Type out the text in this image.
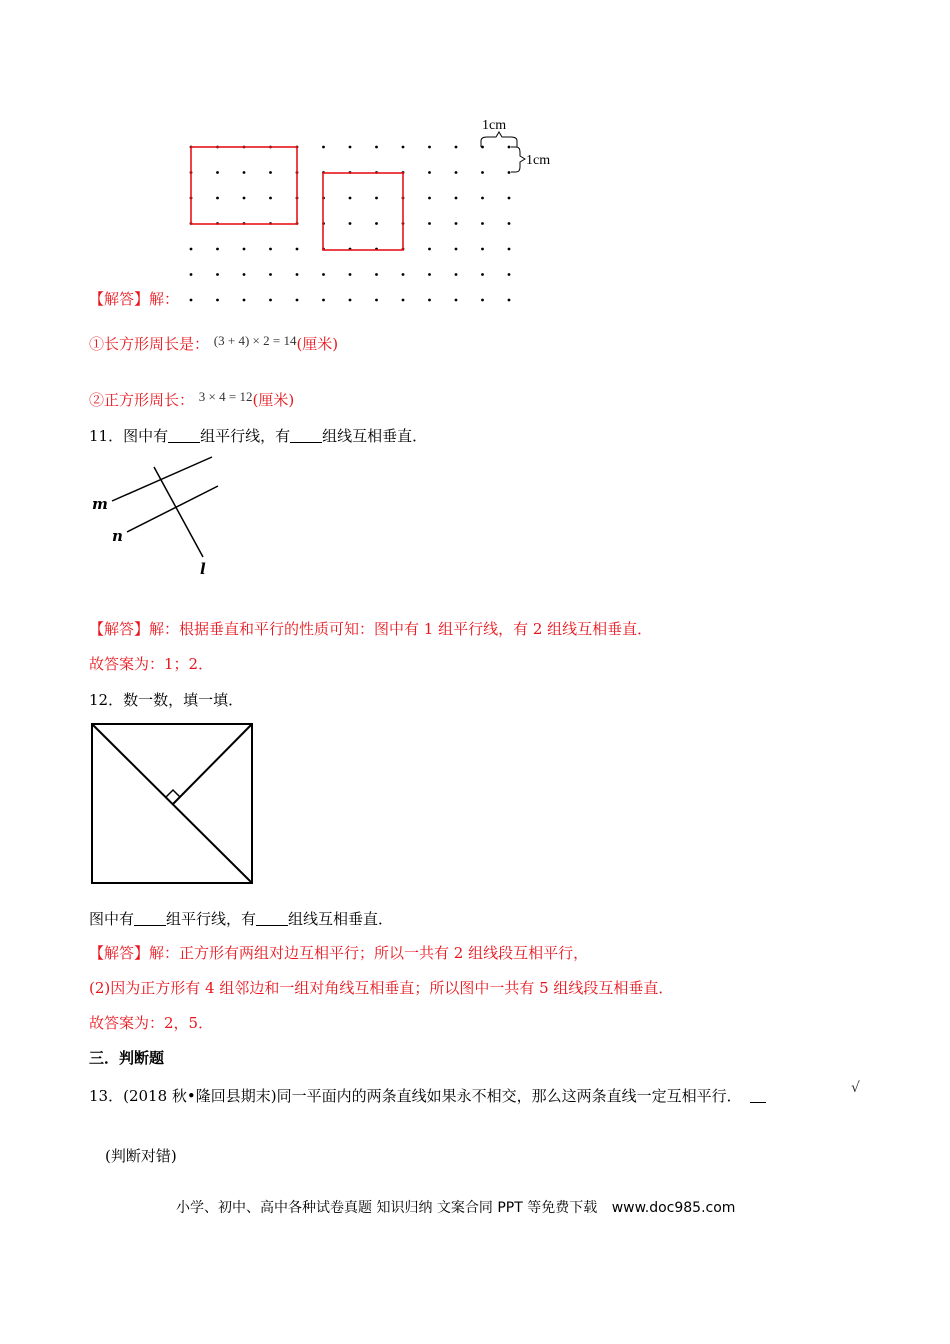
1cm
1cm
【解答】解：
①长方形周长是： (3 + 4) × 2 = 14(厘米)
②正方形周长： 3 × 4 = 12(厘米)
11．图中有 组平行线，有 组线互相垂直．
m
n
l
【解答】解：根据垂直和平行的性质可知：图中有 1 组平行线，有 2 组线互相垂直．
故答案为：1；2．
12．数一数，填一填．
图中有 组平行线，有 组线互相垂直．
【解答】解：正方形有两组对边互相平行；所以一共有 2 组线段互相平行，
(2)因为正方形有 4 组邻边和一组对角线互相垂直；所以图中一共有 5 组线段互相垂直．
故答案为：2，5．
三．判断题
13．(2018 秋•隆回县期末)同一平面内的两条直线如果永不相交，那么这两条直线一定互相平行．	√
(判断对错)
小学、初中、高中各种试卷真题 知识归纳 文案合同 PPT 等免费下载 www.doc985.com
